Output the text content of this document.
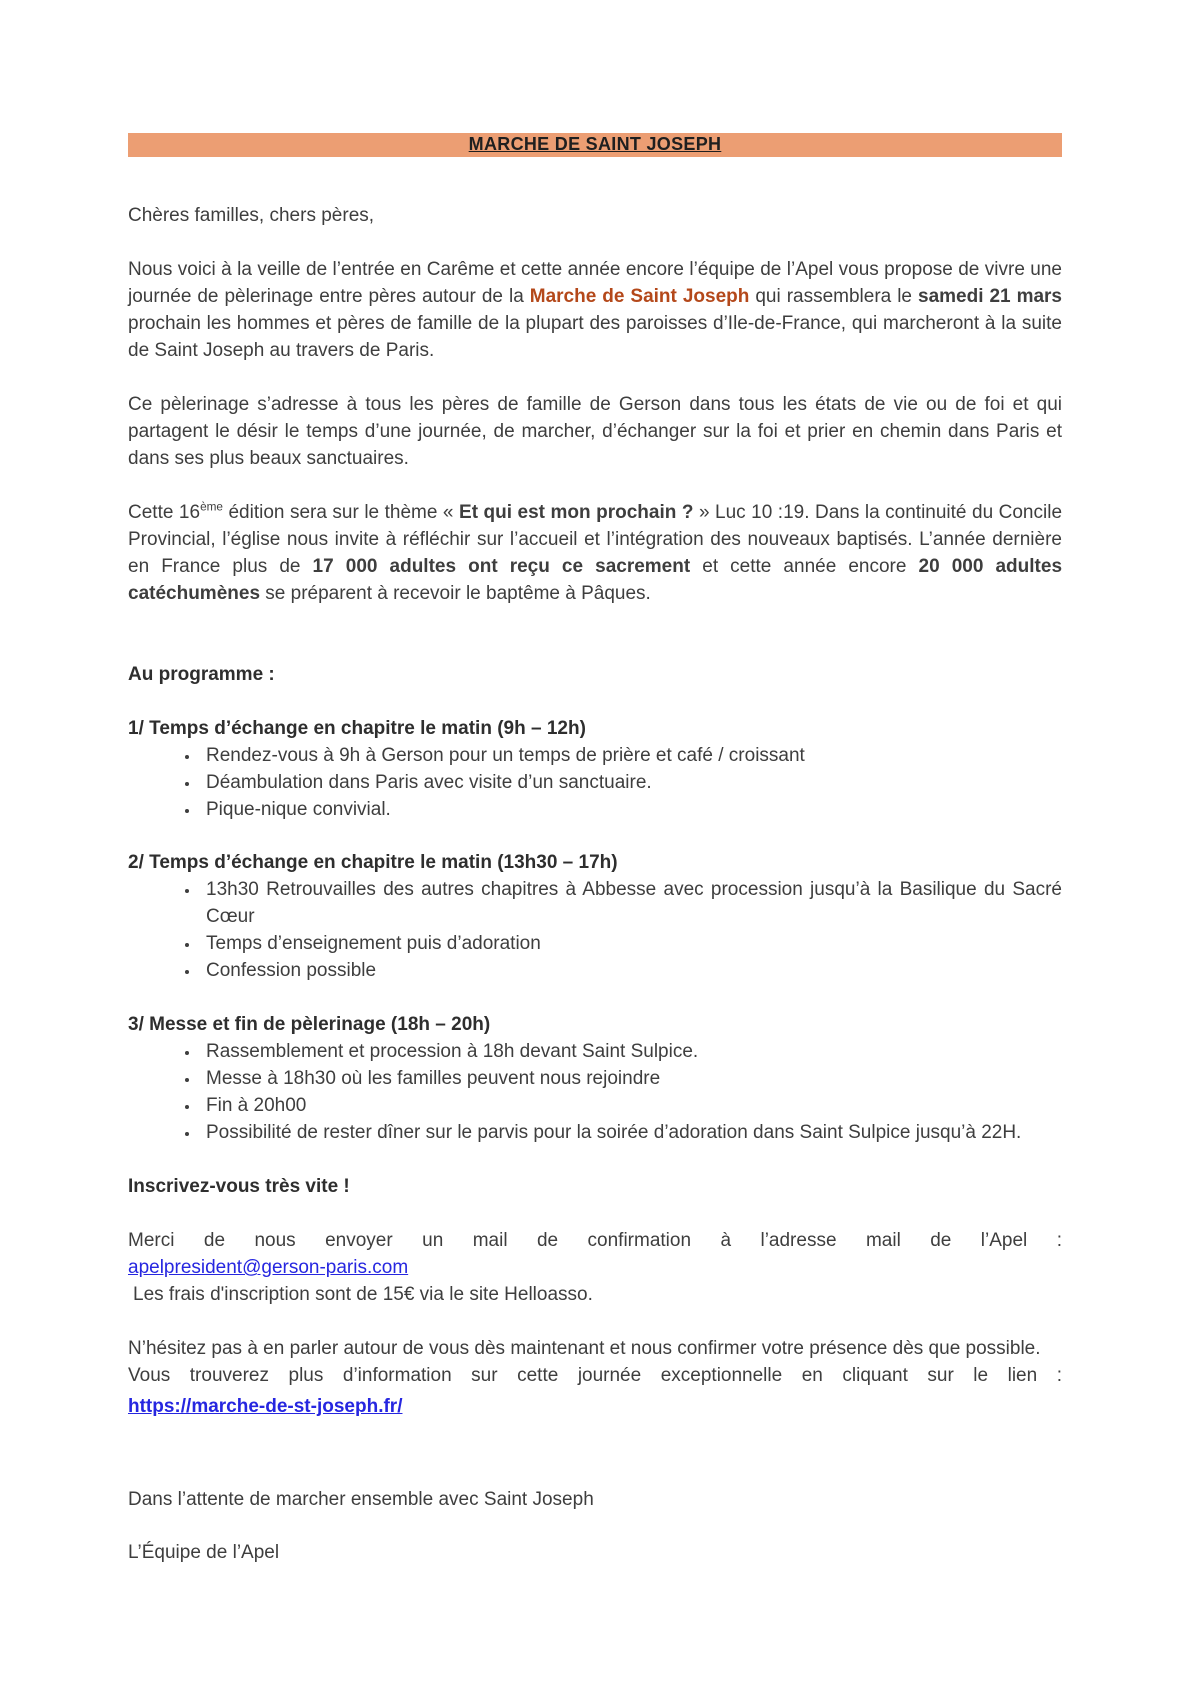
MARCHE DE SAINT JOSEPH

Chères familles, chers pères,

Nous voici à la veille de l’entrée en Carême et cette année encore l’équipe de l’Apel vous propose de vivre une journée de pèlerinage entre pères autour de la Marche de Saint Joseph qui rassemblera le samedi 21 mars prochain les hommes et pères de famille de la plupart des paroisses d’Ile-de-France, qui marcheront à la suite de Saint Joseph au travers de Paris.

Ce pèlerinage s’adresse à tous les pères de famille de Gerson dans tous les états de vie ou de foi et qui partagent le désir le temps d’une journée, de marcher, d’échanger sur la foi et prier en chemin dans Paris et dans ses plus beaux sanctuaires.

Cette 16ème édition sera sur le thème « Et qui est mon prochain ? » Luc 10 :19. Dans la continuité du Concile Provincial, l’église nous invite à réfléchir sur l’accueil et l’intégration des nouveaux baptisés. L’année dernière en France plus de 17 000 adultes ont reçu ce sacrement et cette année encore 20 000 adultes catéchumènes se préparent à recevoir le baptême à Pâques.

Au programme :

1/ Temps d’échange en chapitre le matin (9h – 12h)

• Rendez-vous à 9h à Gerson pour un temps de prière et café / croissant
• Déambulation dans Paris avec visite d’un sanctuaire.
• Pique-nique convivial.

2/ Temps d’échange en chapitre le matin (13h30 – 17h)

• 13h30 Retrouvailles des autres chapitres à Abbesse avec procession jusqu’à la Basilique du Sacré Cœur
• Temps d’enseignement puis d’adoration
• Confession possible

3/ Messe et fin de pèlerinage (18h – 20h)

• Rassemblement et procession à 18h devant Saint Sulpice.
• Messe à 18h30 où les familles peuvent nous rejoindre
• Fin à 20h00
• Possibilité de rester dîner sur le parvis pour la soirée d’adoration dans Saint Sulpice jusqu’à 22H.

Inscrivez-vous très vite !

Merci de nous envoyer un mail de confirmation à l’adresse mail de l’Apel :
apelpresident@gerson-paris.com
Les frais d'inscription sont de 15€ via le site Helloasso.
N’hésitez pas à en parler autour de vous dès maintenant et nous confirmer votre présence dès que possible.
Vous trouverez plus d’information sur cette journée exceptionnelle en cliquant sur le lien :
https://marche-de-st-joseph.fr/

Dans l’attente de marcher ensemble avec Saint Joseph

L’Équipe de l’Apel
